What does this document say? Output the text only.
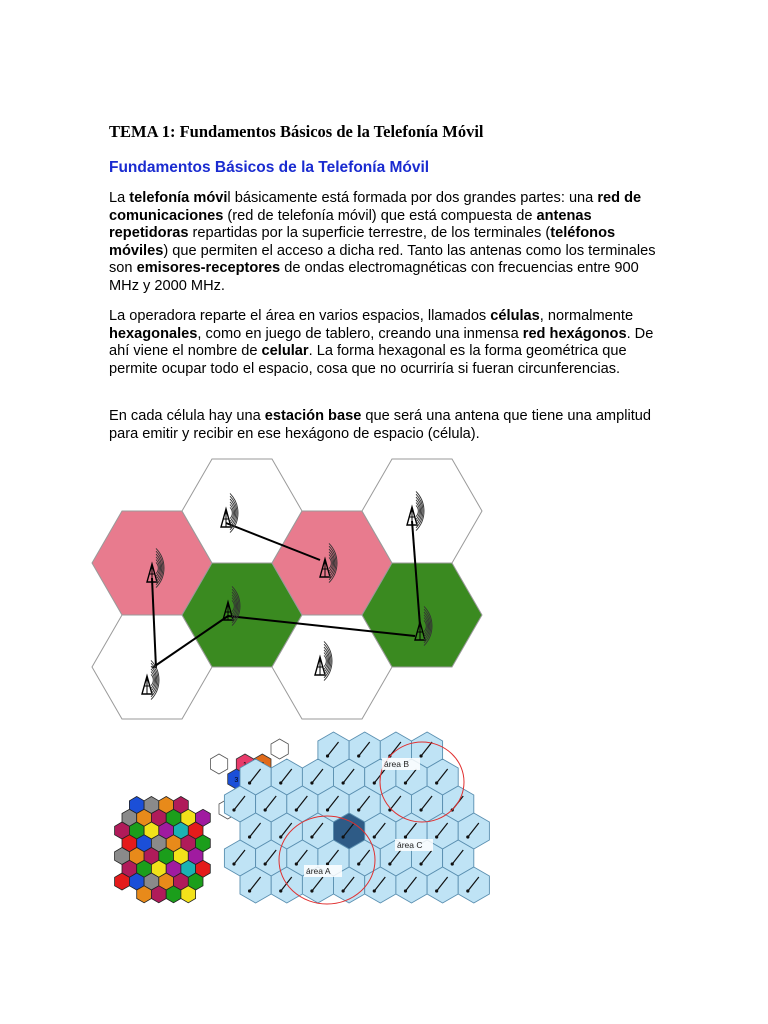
TEMA 1: Fundamentos Básicos de la Telefonía Móvil
Fundamentos Básicos de la Telefonía Móvil
La telefonía móvil básicamente está formada por dos grandes partes: una red de comunicaciones (red de telefonía móvil) que está compuesta de antenas repetidoras repartidas por la superficie terrestre, de los terminales (teléfonos móviles) que permiten el acceso a dicha red. Tanto las antenas como los terminales son emisores-receptores de ondas electromagnéticas con frecuencias entre 900 MHz y 2000 MHz.
La operadora reparte el área en varios espacios, llamados células, normalmente hexagonales, como en juego de tablero, creando una inmensa red hexágonos. De ahí viene el nombre de celular. La forma hexagonal es la forma geométrica que permite ocupar todo el espacio, cosa que no ocurriría si fueran circunferencias.
En cada célula hay una estación base que será una antena que tiene una amplitud para emitir y recibir en ese hexágono de espacio (célula).
3
área B
área C
área A
